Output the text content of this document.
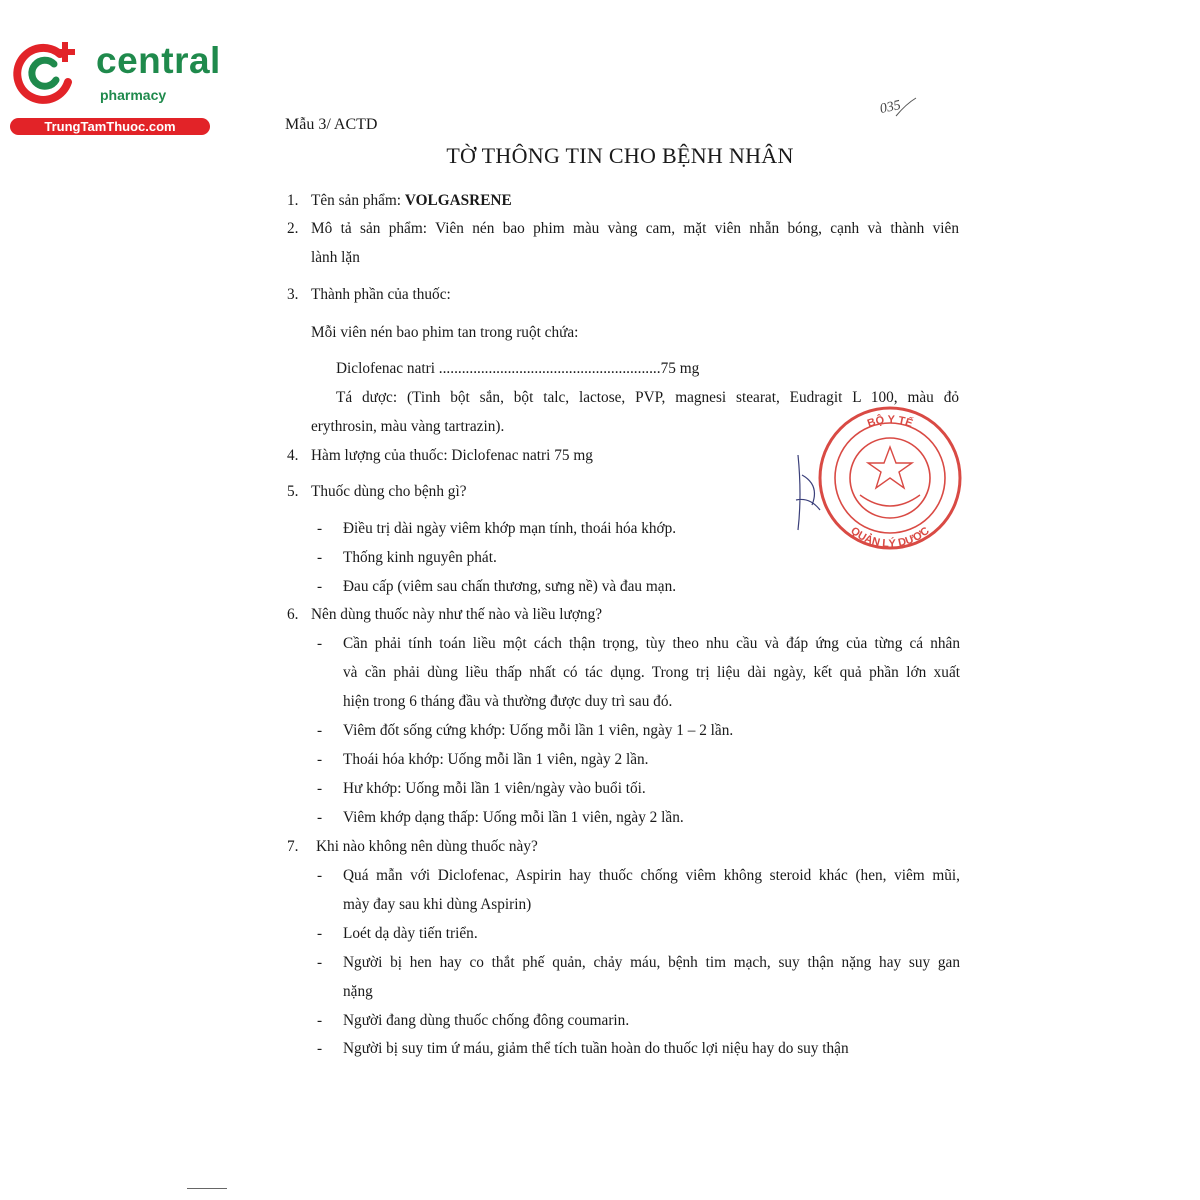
central
pharmacy
TrungTamThuoc.com	Mẫu 3/ ACTD
035
TỜ THÔNG TIN CHO BỆNH NHÂN
1. Tên sản phẩm: VOLGASRENE
2. Mô tả sản phẩm: Viên nén bao phim màu vàng cam, mặt viên nhẵn bóng, cạnh và thành viên
lành lặn
3. Thành phần của thuốc:
Mỗi viên nén bao phim tan trong ruột chứa:
Diclofenac natri ..........................................................75 mg
Tá dược: (Tinh bột sắn, bột talc, lactose, PVP, magnesi stearat, Eudragit L 100, màu đỏ
erythrosin, màu vàng tartrazin).
4. Hàm lượng của thuốc: Diclofenac natri 75 mg
BỘ Y TẾ
QUẢN LÝ DƯỢC
5. Thuốc dùng cho bệnh gì?
- Điều trị dài ngày viêm khớp mạn tính, thoái hóa khớp.
- Thống kinh nguyên phát.
- Đau cấp (viêm sau chấn thương, sưng nề) và đau mạn.
6. Nên dùng thuốc này như thế nào và liều lượng?
- Cần phải tính toán liều một cách thận trọng, tùy theo nhu cầu và đáp ứng của từng cá nhân
và cần phải dùng liều thấp nhất có tác dụng. Trong trị liệu dài ngày, kết quả phần lớn xuất
hiện trong 6 tháng đầu và thường được duy trì sau đó.
- Viêm đốt sống cứng khớp: Uống mỗi lần 1 viên, ngày 1 – 2 lần.
- Thoái hóa khớp: Uống mỗi lần 1 viên, ngày 2 lần.
- Hư khớp: Uống mỗi lần 1 viên/ngày vào buổi tối.
- Viêm khớp dạng thấp: Uống mỗi lần 1 viên, ngày 2 lần.
7. Khi nào không nên dùng thuốc này?
- Quá mẫn với Diclofenac, Aspirin hay thuốc chống viêm không steroid khác (hen, viêm mũi,
mày đay sau khi dùng Aspirin)
- Loét dạ dày tiến triển.
- Người bị hen hay co thắt phế quản, chảy máu, bệnh tim mạch, suy thận nặng hay suy gan
nặng
- Người đang dùng thuốc chống đông coumarin.
- Người bị suy tim ứ máu, giảm thể tích tuần hoàn do thuốc lợi niệu hay do suy thận
